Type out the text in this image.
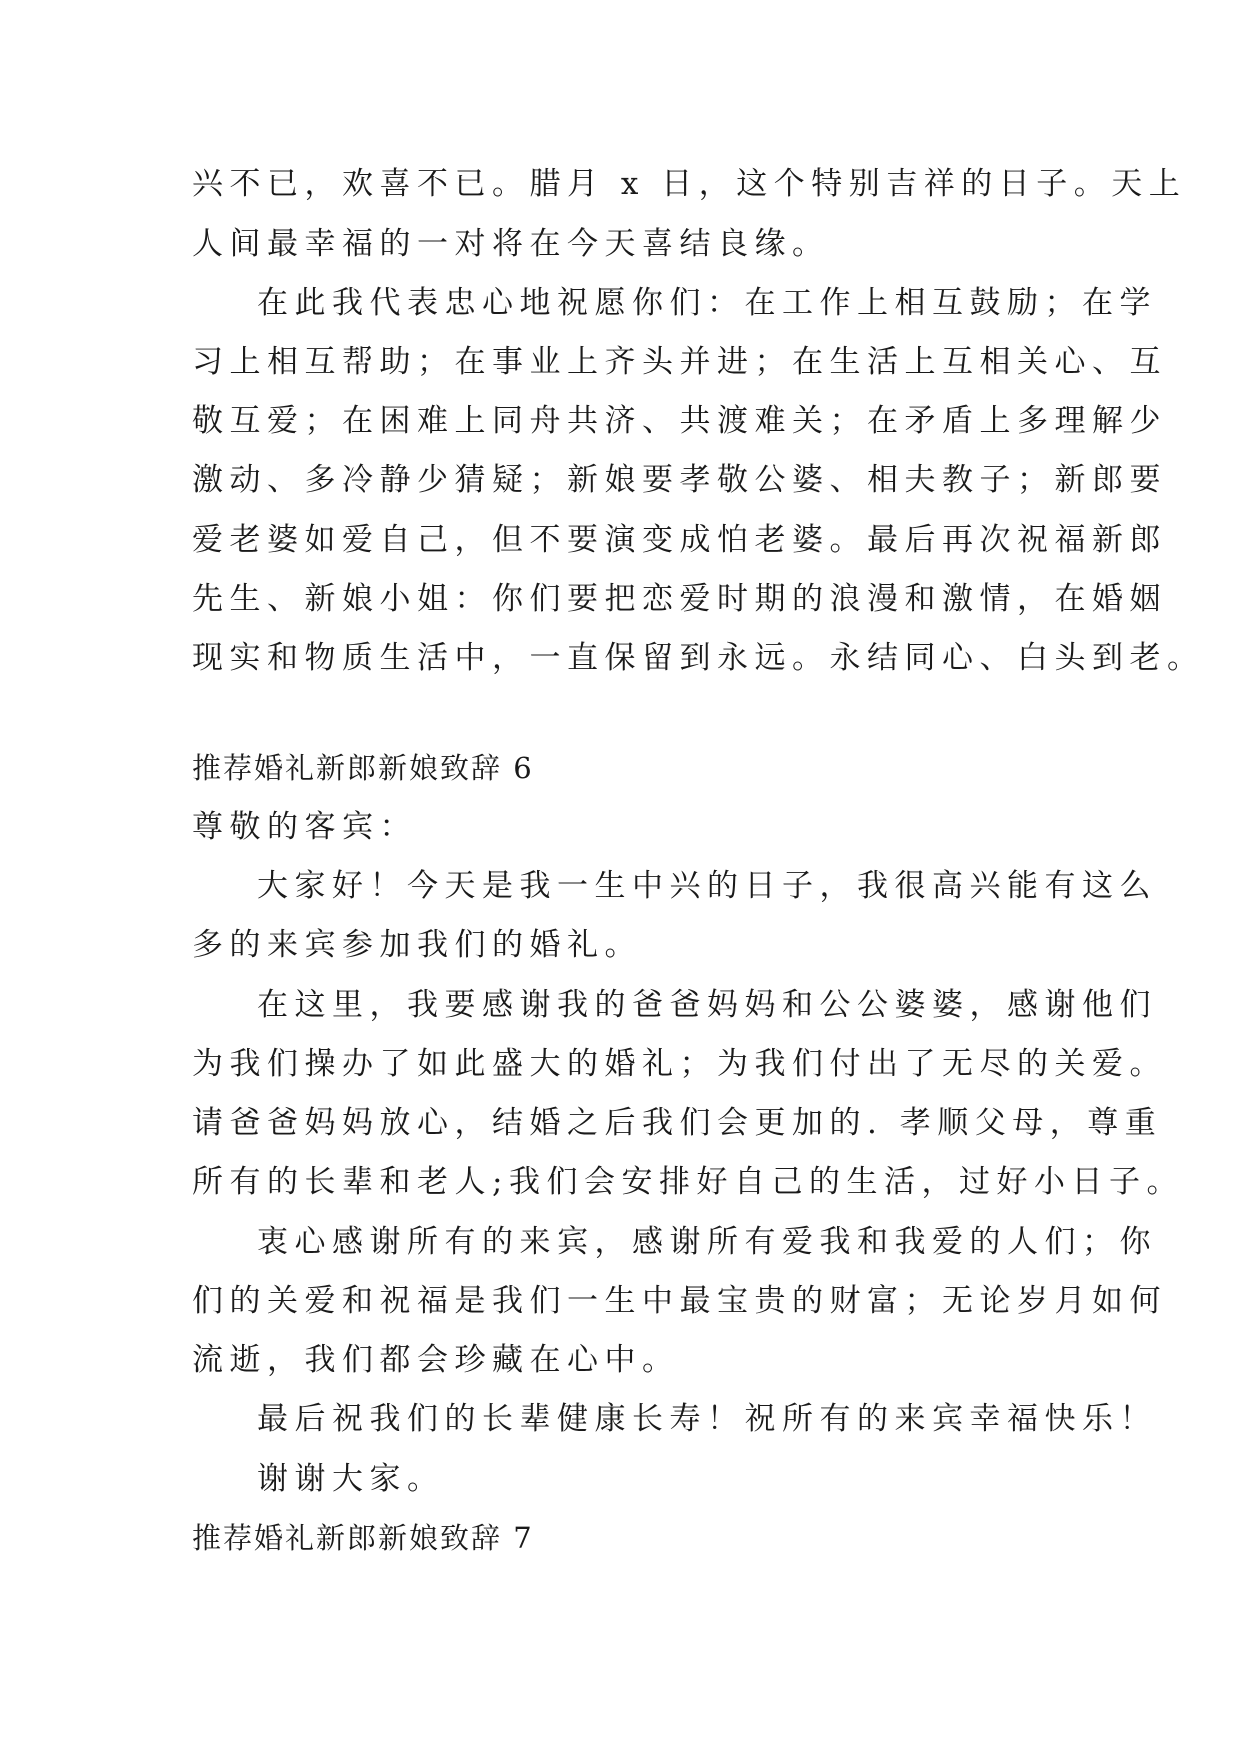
兴不已，欢喜不已。腊月 x 日，这个特别吉祥的日子。天上
人间最幸福的一对将在今天喜结良缘。
在此我代表忠心地祝愿你们：在工作上相互鼓励；在学
习上相互帮助；在事业上齐头并进；在生活上互相关心、互
敬互爱；在困难上同舟共济、共渡难关；在矛盾上多理解少
激动、多冷静少猜疑；新娘要孝敬公婆、相夫教子；新郎要
爱老婆如爱自己，但不要演变成怕老婆。最后再次祝福新郎
先生、新娘小姐：你们要把恋爱时期的浪漫和激情，在婚姻
现实和物质生活中，一直保留到永远。永结同心、白头到老。
推荐婚礼新郎新娘致辞 6
尊敬的客宾：
大家好！今天是我一生中兴的日子，我很高兴能有这么
多的来宾参加我们的婚礼。
在这里，我要感谢我的爸爸妈妈和公公婆婆，感谢他们
为我们操办了如此盛大的婚礼；为我们付出了无尽的关爱。
请爸爸妈妈放心，结婚之后我们会更加的. 孝顺父母，尊重
所有的长辈和老人;我们会安排好自己的生活，过好小日子。
衷心感谢所有的来宾，感谢所有爱我和我爱的人们；你
们的关爱和祝福是我们一生中最宝贵的财富；无论岁月如何
流逝，我们都会珍藏在心中。
最后祝我们的长辈健康长寿！祝所有的来宾幸福快乐！
谢谢大家。
推荐婚礼新郎新娘致辞 7
